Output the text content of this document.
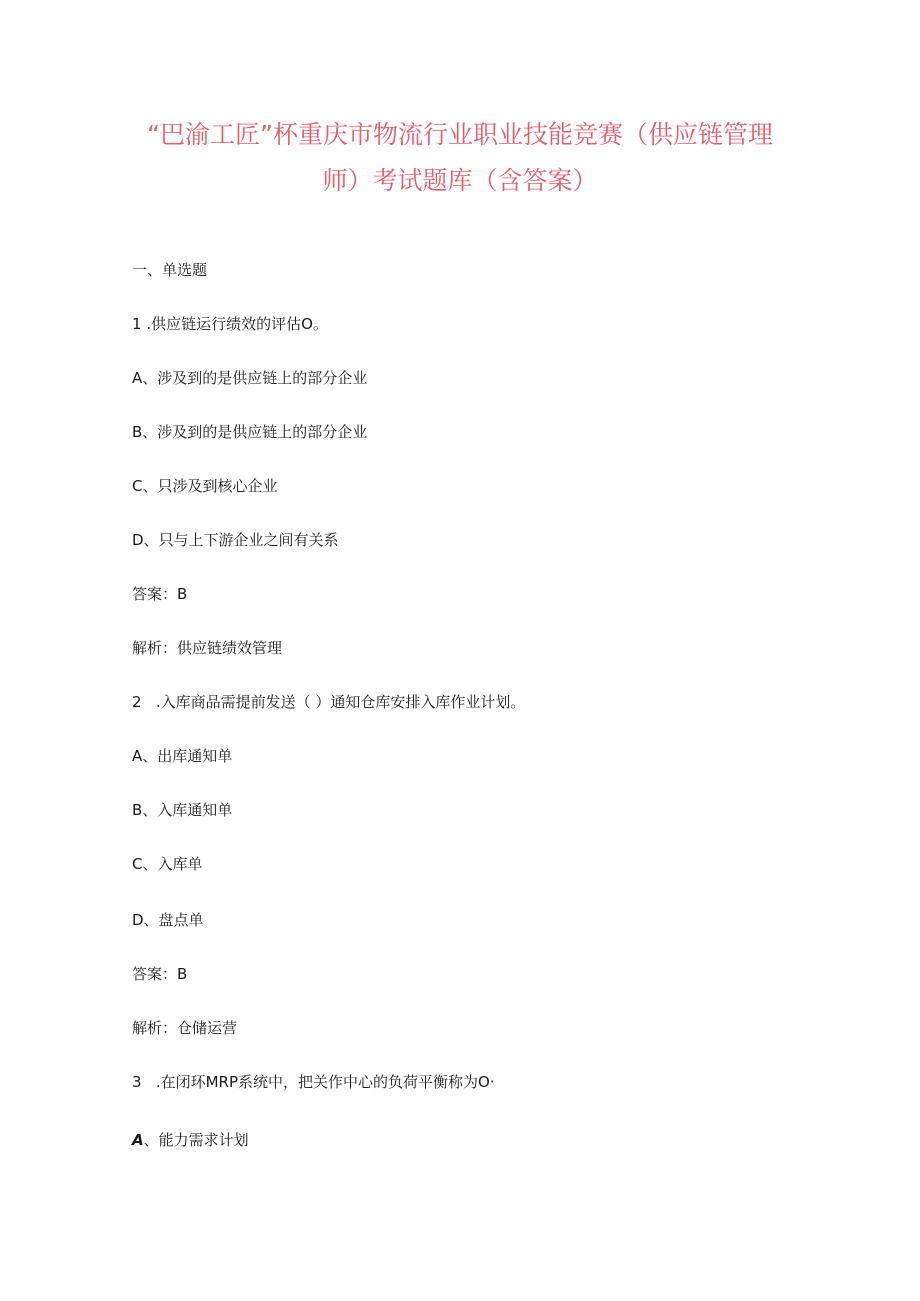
“巴渝工匠”杯重庆市物流行业职业技能竞赛（供应链管理
师）考试题库（含答案）
一、单选题
1 .供应链运行绩效的评估O。
A、涉及到的是供应链上的部分企业
B、涉及到的是供应链上的部分企业
C、只涉及到核心企业
D、只与上下游企业之间有关系
答案：B
解析：供应链绩效管理
2   .入库商品需提前发送（ ）通知仓库安排入库作业计划。
A、出库通知单
B、入库通知单
C、入库单
D、盘点单
答案：B
解析：仓储运营
3   .在闭环MRP系统中，把关作中心的负荷平衡称为O·
A、能力需求计划
